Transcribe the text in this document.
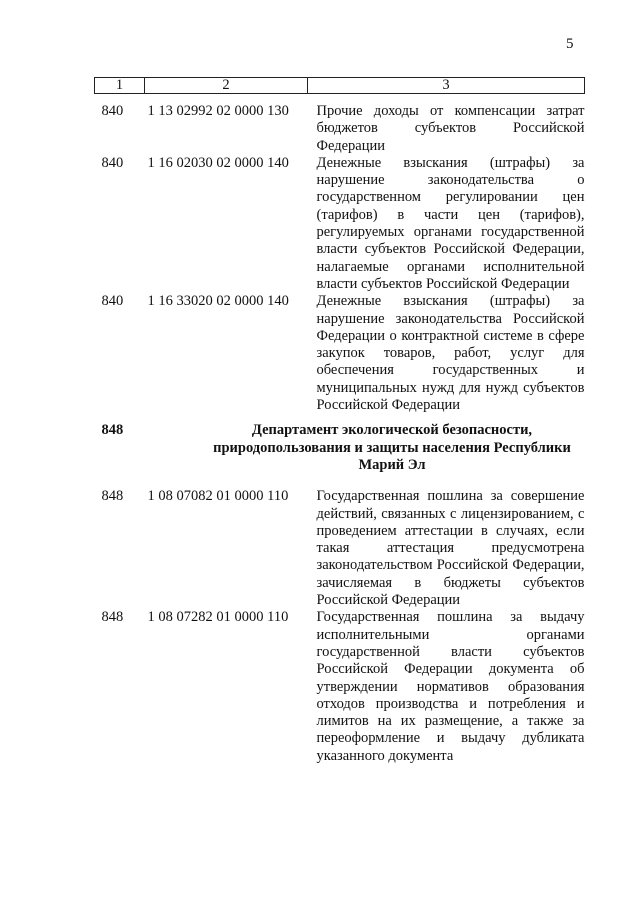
5
1	2	3

840	1 13 02992 02 0000 130	Прочие доходы от компенсации затрат бюджетов субъектов Российской Федерации
840	1 16 02030 02 0000 140	Денежные взыскания (штрафы) за нарушение законодательства о государственном регулировании цен (тарифов) в части цен (тарифов), регулируемых органами государственной власти субъектов Российской Федерации, налагаемые органами исполнительной власти субъектов Российской Федерации
840	1 16 33020 02 0000 140	Денежные взыскания (штрафы) за нарушение законодательства Российской Федерации о контрактной системе в сфере закупок товаров, работ, услуг для обеспечения государственных и муниципальных нужд для нужд субъектов Российской Федерации
848	Департамент экологической безопасности, природопользования и защиты населения Республики Марий Эл	
848	1 08 07082 01 0000 110	Государственная пошлина за совершение действий, связанных с лицензированием, с проведением аттестации в случаях, если такая аттестация предусмотрена законодательством Российской Федерации, зачисляемая в бюджеты субъектов Российской Федерации
848	1 08 07282 01 0000 110	Государственная пошлина за выдачу исполнительными органами государственной власти субъектов Российской Федерации документа об утверждении нормативов образования отходов производства и потребления и лимитов на их размещение, а также за переоформление и выдачу дубликата указанного документа
